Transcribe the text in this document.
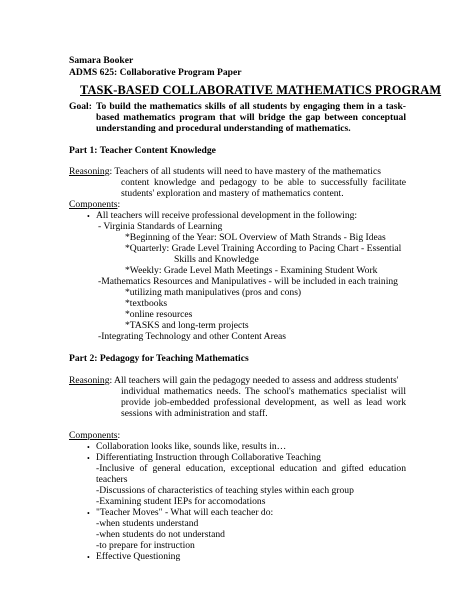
Samara Booker
ADMS 625: Collaborative Program Paper
TASK-BASED COLLABORATIVE MATHEMATICS PROGRAM
Goal: To build the mathematics skills of all students by engaging them in a task-
based mathematics program that will bridge the gap between conceptual
understanding and procedural understanding of mathematics.
Part 1: Teacher Content Knowledge
Reasoning: Teachers of all students will need to have mastery of the mathematics
content knowledge and pedagogy to be able to successfully facilitate
students' exploration and mastery of mathematics content.
Components:
• All teachers will receive professional development in the following:
- Virginia Standards of Learning
*Beginning of the Year: SOL Overview of Math Strands - Big Ideas
*Quarterly: Grade Level Training According to Pacing Chart - Essential
Skills and Knowledge
*Weekly: Grade Level Math Meetings - Examining Student Work
-Mathematics Resources and Manipulatives - will be included in each training
*utilizing math manipulatives (pros and cons)
*textbooks
*online resources
*TASKS and long-term projects
-Integrating Technology and other Content Areas
Part 2: Pedagogy for Teaching Mathematics
Reasoning: All teachers will gain the pedagogy needed to assess and address students'
individual mathematics needs. The school's mathematics specialist will
provide job-embedded professional development, as well as lead work
sessions with administration and staff.
Components:
• Collaboration looks like, sounds like, results in…
• Differentiating Instruction through Collaborative Teaching
-Inclusive of general education, exceptional education and gifted education
teachers
-Discussions of characteristics of teaching styles within each group
-Examining student IEPs for accomodations
• "Teacher Moves" - What will each teacher do:
-when students understand
-when students do not understand
-to prepare for instruction
• Effective Questioning
